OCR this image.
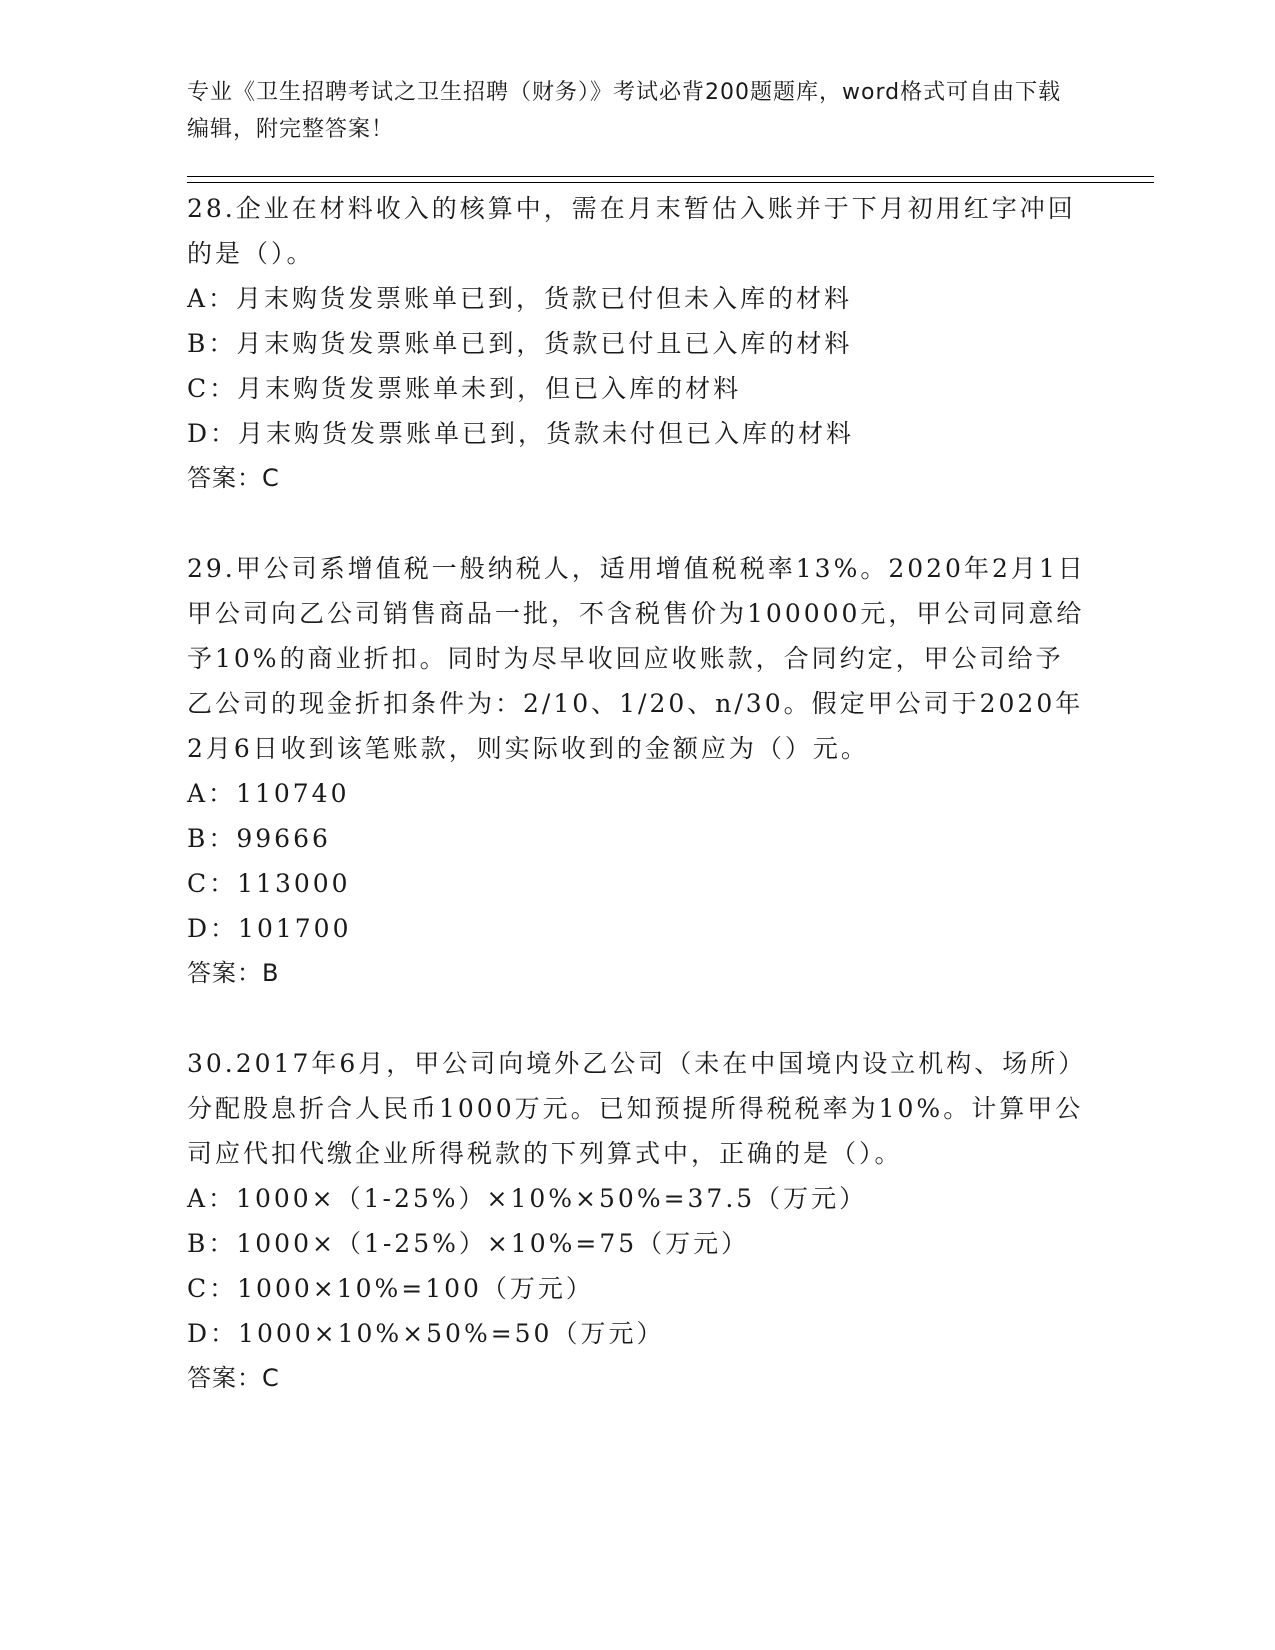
专业《卫生招聘考试之卫生招聘（财务）》考试必背200题题库，word格式可自由下载编辑，附完整答案！

28.企业在材料收入的核算中，需在月末暂估入账并于下月初用红字冲回的是（）。

A：月末购货发票账单已到，货款已付但未入库的材料

B：月末购货发票账单已到，货款已付且已入库的材料

C：月末购货发票账单未到，但已入库的材料

D：月末购货发票账单已到，货款未付但已入库的材料

答案：C

29.甲公司系增值税一般纳税人，适用增值税税率13%。2020年2月1日甲公司向乙公司销售商品一批，不含税售价为100000元，甲公司同意给予10%的商业折扣。同时为尽早收回应收账款，合同约定，甲公司给予乙公司的现金折扣条件为：2/10、1/20、n/30。假定甲公司于2020年2月6日收到该笔账款，则实际收到的金额应为（）元。

A：110740

B：99666

C：113000

D：101700

答案：B

30.2017年6月，甲公司向境外乙公司（未在中国境内设立机构、场所）分配股息折合人民币1000万元。已知预提所得税税率为10%。计算甲公司应代扣代缴企业所得税款的下列算式中，正确的是（）。

A：1000×（1-25%）×10%×50%=37.5（万元）

B：1000×（1-25%）×10%=75（万元）

C：1000×10%=100（万元）

D：1000×10%×50%=50（万元）

答案：C
